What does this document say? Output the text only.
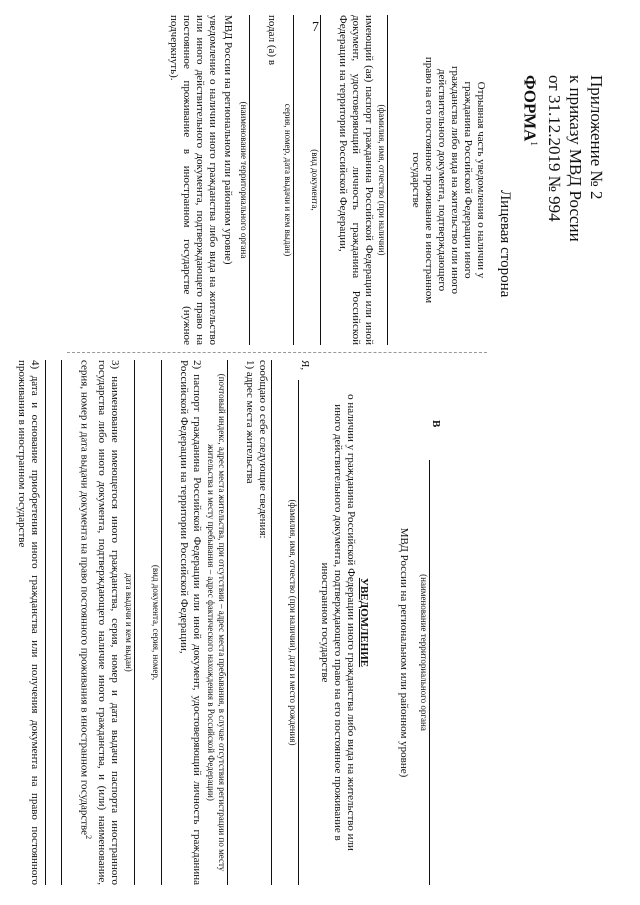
7
Приложение № 2
к приказу МВД России
от 31.12.2019 № 994
ФОРМА$^1$
Лицевая сторона
Отрывная часть уведомления о наличии у гражданина Российской Федерации иного гражданства либо вида на жительство или иного действительного документа, подтверждающего право на его постоянное проживание в иностранном государстве
(фамилия, имя, отчество (при наличии)
имеющий (ая) паспорт гражданина Российской Федерации или иной документ, удостоверяющий личность гражданина Российской Федерации на территории Российской Федерации,
(вид документа,
серия, номер, дата выдачи и кем выдан)
подал (а) в
(наименование территориального органа
МВД России на региональном или районном уровне)
уведомление о наличии иного гражданства либо вида на жительство или иного действительного документа, подтверждающего право на постоянное проживание в иностранном государстве (нужное подчеркнуть).
В
(наименование территориального органа
МВД России на региональном или районном уровне)
УВЕДОМЛЕНИЕ
о наличии у гражданина Российской Федерации иного гражданства либо вида на жительство или иного действительного документа, подтверждающего право на его постоянное проживание в иностранном государстве
Я,
(фамилия, имя, отчество (при наличии), дата и место рождения)
сообщаю о себе следующие сведения:
1) адрес места жительства
(почтовый индекс, адрес места жительства, при отсутствии – адрес места пребывания, в случае отсутствия регистрации по месту жительства и месту пребывания – адрес фактического нахождения в Российской Федерации)
2) паспорт гражданина Российской Федерации или иной документ, удостоверяющий личность гражданина Российской Федерации на территории Российской Федерации,
(вид документа, серия, номер,
дата выдачи и кем выдан)
3) наименование имеющегося иного гражданства, серия, номер и дата выдачи паспорта иностранного государства либо иного документа, подтверждающего наличие иного гражданства, и (или) наименование, серия, номер и дата выдачи документа на право постоянного проживания в иностранном государстве$^2$
4) дата и основание приобретения иного гражданства или получения документа на право постоянного проживания в иностранном государстве
